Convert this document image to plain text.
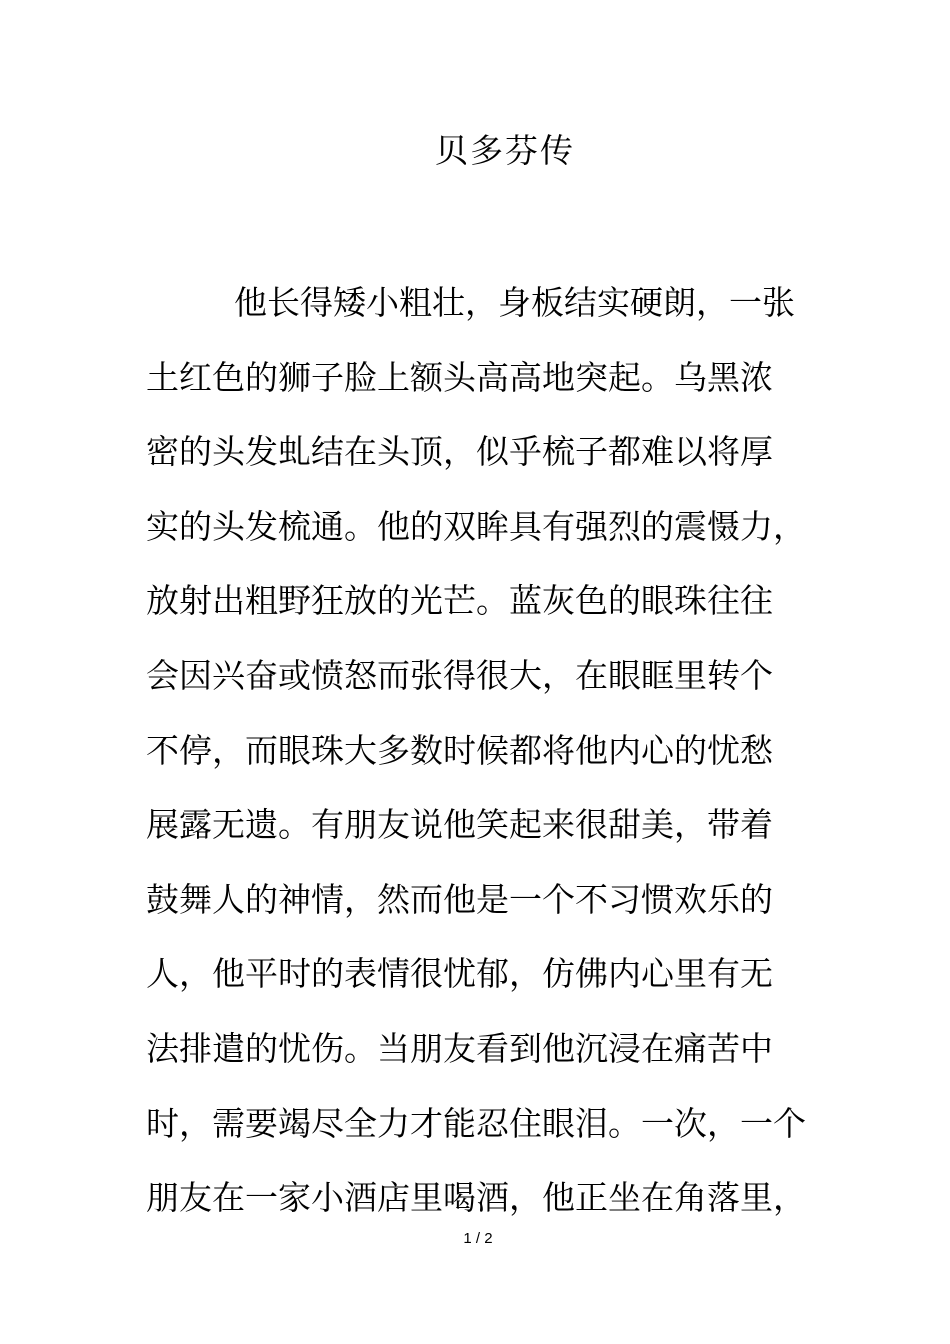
贝多芬传
他长得矮小粗壮，身板结实硬朗，一张
土红色的狮子脸上额头高高地突起。乌黑浓
密的头发虬结在头顶，似乎梳子都难以将厚
实的头发梳通。他的双眸具有强烈的震慑力，
放射出粗野狂放的光芒。蓝灰色的眼珠往往
会因兴奋或愤怒而张得很大，在眼眶里转个
不停，而眼珠大多数时候都将他内心的忧愁
展露无遗。有朋友说他笑起来很甜美，带着
鼓舞人的神情，然而他是一个不习惯欢乐的
人，他平时的表情很忧郁，仿佛内心里有无
法排遣的忧伤。当朋友看到他沉浸在痛苦中
时，需要竭尽全力才能忍住眼泪。一次，一个
朋友在一家小酒店里喝酒，他正坐在角落里，
1 / 2
